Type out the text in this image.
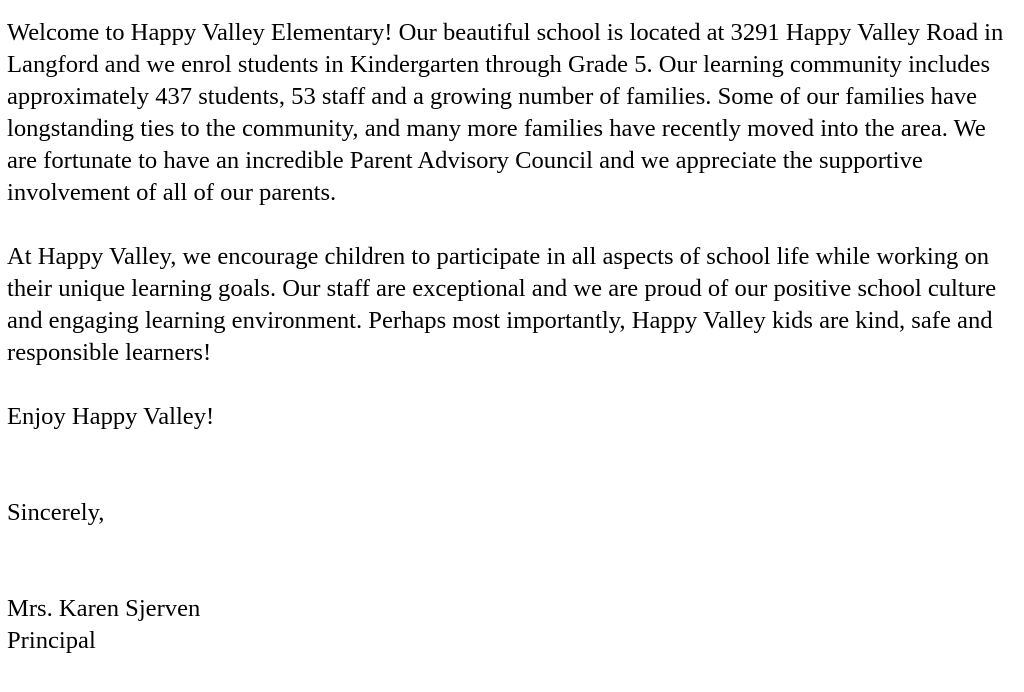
Welcome to Happy Valley Elementary! Our beautiful school is located at 3291 Happy Valley Road in Langford and we enrol students in Kindergarten through Grade 5. Our learning community includes approximately 437 students, 53 staff and a growing number of families. Some of our families have longstanding ties to the community, and many more families have recently moved into the area. We are fortunate to have an incredible Parent Advisory Council and we appreciate the supportive involvement of all of our parents.

At Happy Valley, we encourage children to participate in all aspects of school life while working on their unique learning goals. Our staff are exceptional and we are proud of our positive school culture and engaging learning environment. Perhaps most importantly, Happy Valley kids are kind, safe and responsible learners!

Enjoy Happy Valley!

Sincerely,

Mrs. Karen Sjerven

Principal
